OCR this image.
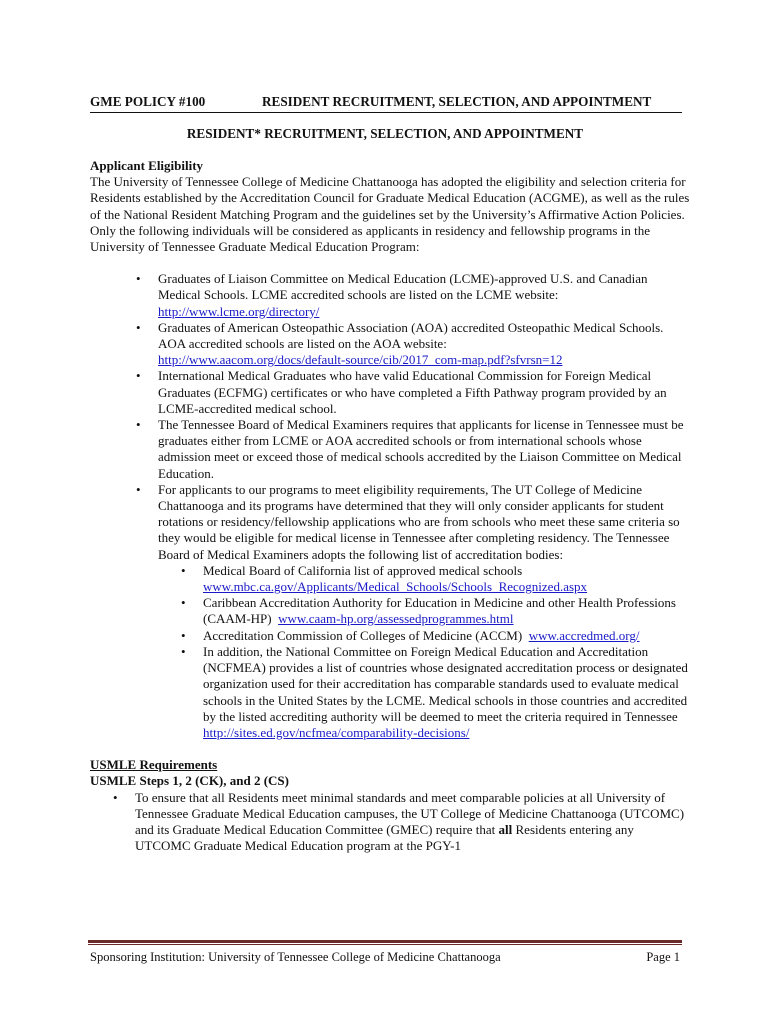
GME POLICY #100	RESIDENT RECRUITMENT, SELECTION, AND APPOINTMENT
RESIDENT* RECRUITMENT, SELECTION, AND APPOINTMENT
Applicant Eligibility

The University of Tennessee College of Medicine Chattanooga has adopted the eligibility and selection criteria for Residents established by the Accreditation Council for Graduate Medical Education (ACGME), as well as the rules of the National Resident Matching Program and the guidelines set by the University’s Affirmative Action Policies. Only the following individuals will be considered as applicants in residency and fellowship programs in the University of Tennessee Graduate Medical Education Program:

• Graduates of Liaison Committee on Medical Education (LCME)-approved U.S. and Canadian Medical Schools. LCME accredited schools are listed on the LCME website:
http://www.lcme.org/directory/
• Graduates of American Osteopathic Association (AOA) accredited Osteopathic Medical Schools. AOA accredited schools are listed on the AOA website:
http://www.aacom.org/docs/default-source/cib/2017_com-map.pdf?sfvrsn=12
• International Medical Graduates who have valid Educational Commission for Foreign Medical Graduates (ECFMG) certificates or who have completed a Fifth Pathway program provided by an LCME-accredited medical school.
• The Tennessee Board of Medical Examiners requires that applicants for license in Tennessee must be graduates either from LCME or AOA accredited schools or from international schools whose admission meet or exceed those of medical schools accredited by the Liaison Committee on Medical Education.
• For applicants to our programs to meet eligibility requirements, The UT College of Medicine Chattanooga and its programs have determined that they will only consider applicants for student rotations or residency/fellowship applications who are from schools who meet these same criteria so they would be eligible for medical license in Tennessee after completing residency. The Tennessee Board of Medical Examiners adopts the following list of accreditation bodies:
• Medical Board of California list of approved medical schools
www.mbc.ca.gov/Applicants/Medical_Schools/Schools_Recognized.aspx
• Caribbean Accreditation Authority for Education in Medicine and other Health Professions (CAAM-HP) www.caam-hp.org/assessedprogrammes.html
• Accreditation Commission of Colleges of Medicine (ACCM) www.accredmed.org/
• In addition, the National Committee on Foreign Medical Education and Accreditation (NCFMEA) provides a list of countries whose designated accreditation process or designated organization used for their accreditation has comparable standards used to evaluate medical schools in the United States by the LCME. Medical schools in those countries and accredited by the listed accrediting authority will be deemed to meet the criteria required in Tennessee  http://sites.ed.gov/ncfmea/comparability-decisions/
USMLE Requirements
USMLE Steps 1, 2 (CK), and 2 (CS)
• To ensure that all Residents meet minimal standards and meet comparable policies at all University of Tennessee Graduate Medical Education campuses, the UT College of Medicine Chattanooga (UTCOMC) and its Graduate Medical Education Committee (GMEC) require that all Residents entering any UTCOMC Graduate Medical Education program at the PGY-1
Sponsoring Institution: University of Tennessee College of Medicine Chattanooga	Page 1
